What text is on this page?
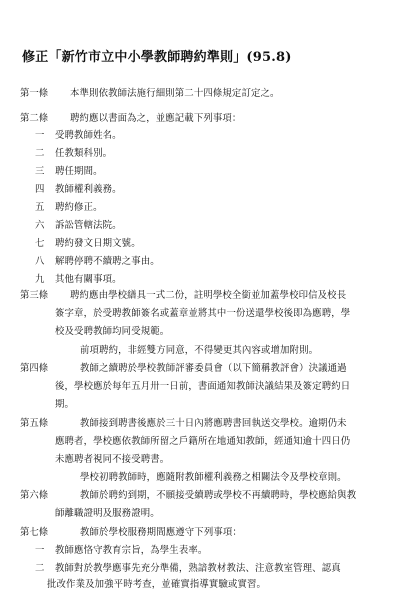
修正「新竹市立中小學教師聘約準則」(95.8)
第一條 本準則依教師法施行細則第二十四條規定訂定之。
第二條 聘約應以書面為之，並應記載下列事項：
一 受聘教師姓名。
二 任教類科別。
三 聘任期間。
四 教師權利義務。
五 聘約修正。
六 訴訟管轄法院。
七 聘約發文日期文號。
八 解聘停聘不續聘之事由。
九 其他有關事項。
第三條 聘約應由學校繕具一式二份，註明學校全銜並加蓋學校印信及校長
簽字章，於受聘教師簽名或蓋章並將其中一份送還學校後即為應聘，學
校及受聘教師均同受規範。
前項聘約，非經雙方同意，不得變更其內容或增加附則。
第四條	教師之續聘於學校教師評審委員會（以下簡稱教評會）決議通過
後，學校應於每年五月卅一日前，書面通知教師決議結果及簽定聘約日
期。
第五條	教師接到聘書後應於三十日內將應聘書回執送交學校。逾期仍未
應聘者，學校應依教師所留之戶籍所在地通知教師，經通知逾十四日仍
未應聘者視同不接受聘書。
學校初聘教師時，應隨附教師權利義務之相關法令及學校章則。
第六條	教師於聘約到期，不願接受續聘或學校不再續聘時，學校應給與教
師離職證明及服務證明。
第七條	教師於學校服務期間應遵守下列事項：
一 教師應恪守教育宗旨，為學生表率。
二 教師對於教學應事先充分準備，熟諳教材教法、注意教室管理、認真
批改作業及加強平時考查，並確實指導實驗或實習。
